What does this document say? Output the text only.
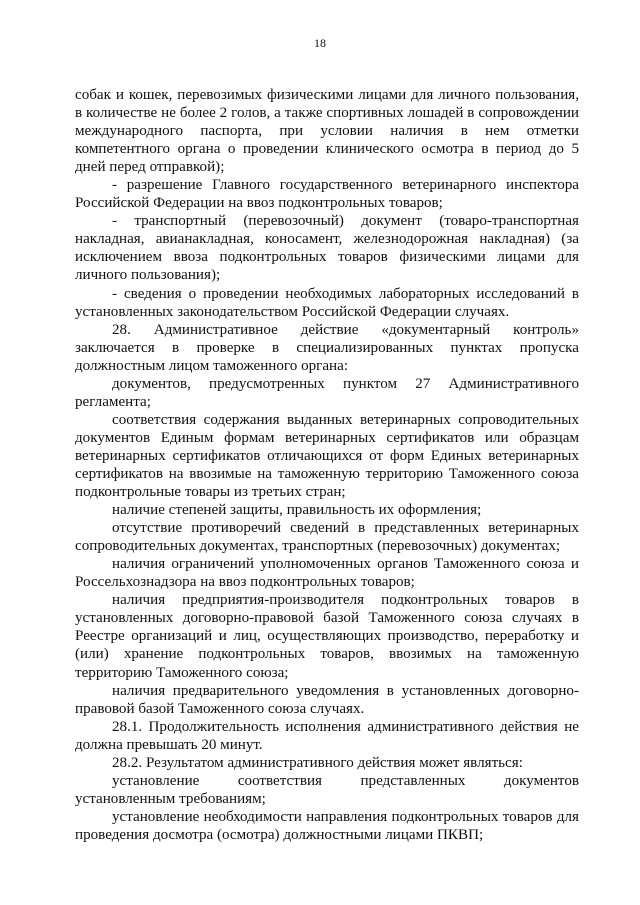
18

собак и кошек, перевозимых физическими лицами для личного пользования, в количестве не более 2 голов, а также спортивных лошадей в сопровождении международного паспорта, при условии наличия в нем отметки компетентного органа о проведении клинического осмотра в период до 5 дней перед отправкой);

- разрешение Главного государственного ветеринарного инспектора Российской Федерации на ввоз подконтрольных товаров;

- транспортный (перевозочный) документ (товаро-транспортная накладная, авианакладная, коносамент, железнодорожная накладная) (за исключением ввоза подконтрольных товаров физическими лицами для личного пользования);

- сведения о проведении необходимых лабораторных исследований в установленных законодательством Российской Федерации случаях.

28. Административное действие «документарный контроль» заключается в проверке в специализированных пунктах пропуска должностным лицом таможенного органа:

документов, предусмотренных пунктом 27 Административного регламента;

соответствия содержания выданных ветеринарных сопроводительных документов Единым формам ветеринарных сертификатов или образцам ветеринарных сертификатов отличающихся от форм Единых ветеринарных сертификатов на ввозимые на таможенную территорию Таможенного союза подконтрольные товары из третьих стран;

наличие степеней защиты, правильность их оформления;

отсутствие противоречий сведений в представленных ветеринарных сопроводительных документах, транспортных (перевозочных) документах;

наличия ограничений уполномоченных органов Таможенного союза и Россельхознадзора на ввоз подконтрольных товаров;

наличия предприятия-производителя подконтрольных товаров в установленных договорно-правовой базой Таможенного союза случаях в Реестре организаций и лиц, осуществляющих производство, переработку и (или) хранение подконтрольных товаров, ввозимых на таможенную территорию Таможенного союза;

наличия предварительного уведомления в установленных договорно-правовой базой Таможенного союза случаях.

28.1. Продолжительность исполнения административного действия не должна превышать 20 минут.

28.2. Результатом административного действия может являться:

установление соответствия представленных документов установленным требованиям;

установление необходимости направления подконтрольных товаров для проведения досмотра (осмотра) должностными лицами ПКВП;
